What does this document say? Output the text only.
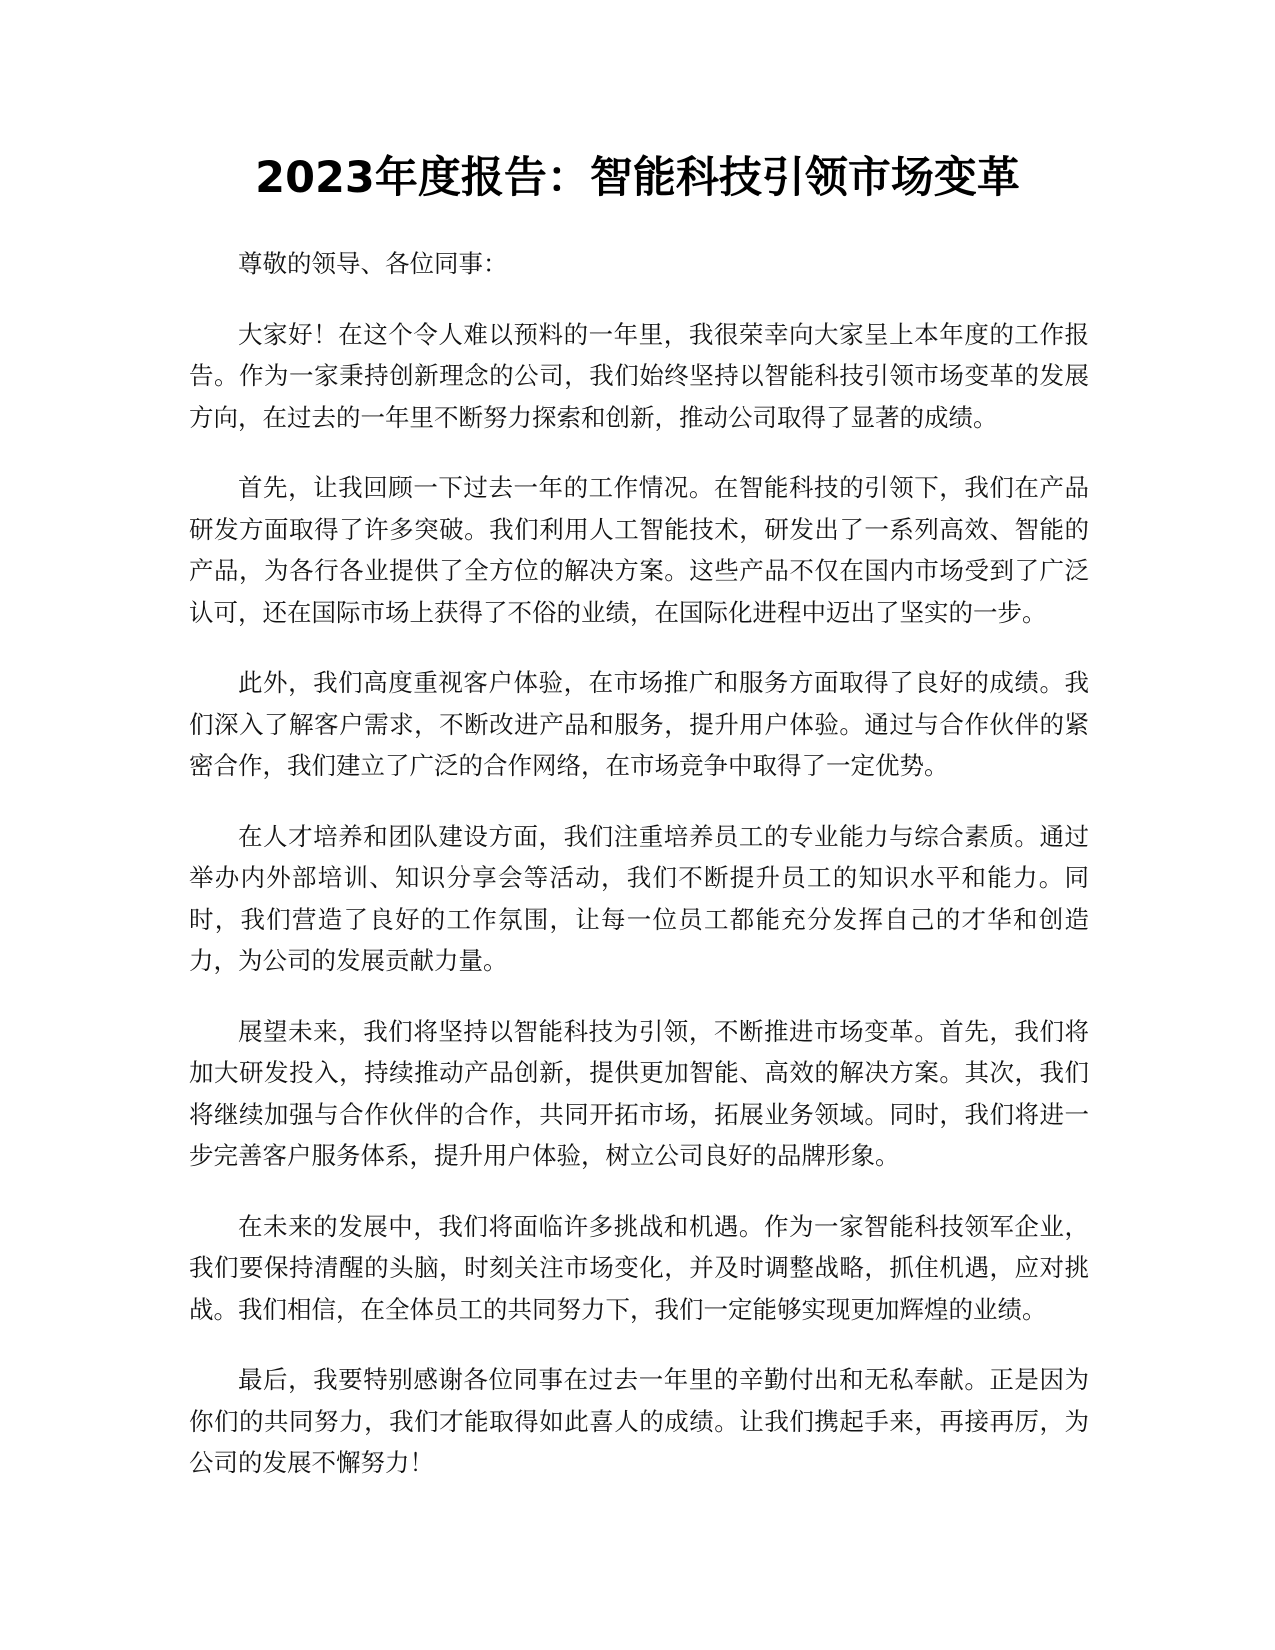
2023年度报告：智能科技引领市场变革

尊敬的领导、各位同事：

大家好！在这个令人难以预料的一年里，我很荣幸向大家呈上本年度的工作报告。作为一家秉持创新理念的公司，我们始终坚持以智能科技引领市场变革的发展方向，在过去的一年里不断努力探索和创新，推动公司取得了显著的成绩。

首先，让我回顾一下过去一年的工作情况。在智能科技的引领下，我们在产品研发方面取得了许多突破。我们利用人工智能技术，研发出了一系列高效、智能的产品，为各行各业提供了全方位的解决方案。这些产品不仅在国内市场受到了广泛认可，还在国际市场上获得了不俗的业绩，在国际化进程中迈出了坚实的一步。

此外，我们高度重视客户体验，在市场推广和服务方面取得了良好的成绩。我们深入了解客户需求，不断改进产品和服务，提升用户体验。通过与合作伙伴的紧密合作，我们建立了广泛的合作网络，在市场竞争中取得了一定优势。

在人才培养和团队建设方面，我们注重培养员工的专业能力与综合素质。通过举办内外部培训、知识分享会等活动，我们不断提升员工的知识水平和能力。同时，我们营造了良好的工作氛围，让每一位员工都能充分发挥自己的才华和创造力，为公司的发展贡献力量。

展望未来，我们将坚持以智能科技为引领，不断推进市场变革。首先，我们将加大研发投入，持续推动产品创新，提供更加智能、高效的解决方案。其次，我们将继续加强与合作伙伴的合作，共同开拓市场，拓展业务领域。同时，我们将进一步完善客户服务体系，提升用户体验，树立公司良好的品牌形象。

在未来的发展中，我们将面临许多挑战和机遇。作为一家智能科技领军企业，我们要保持清醒的头脑，时刻关注市场变化，并及时调整战略，抓住机遇，应对挑战。我们相信，在全体员工的共同努力下，我们一定能够实现更加辉煌的业绩。

最后，我要特别感谢各位同事在过去一年里的辛勤付出和无私奉献。正是因为你们的共同努力，我们才能取得如此喜人的成绩。让我们携起手来，再接再厉，为公司的发展不懈努力！
